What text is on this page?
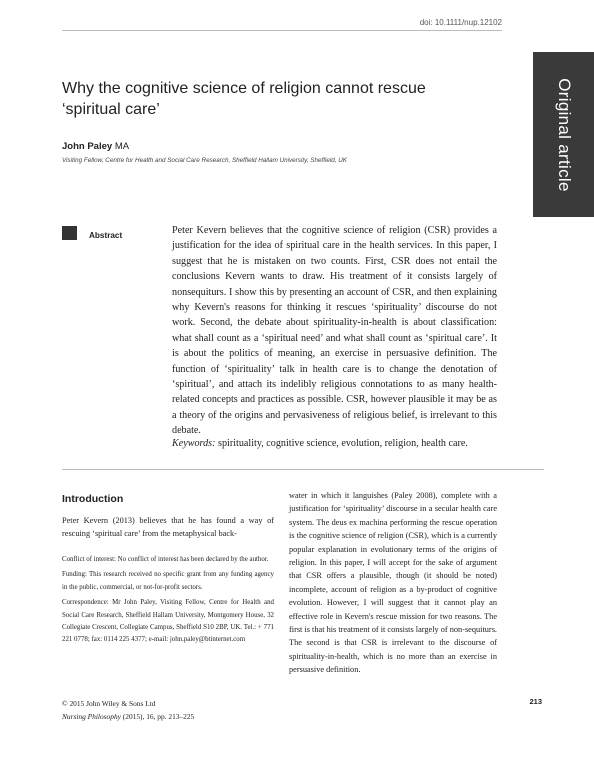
doi: 10.1111/nup.12102
Original article
Why the cognitive science of religion cannot rescue ‘spiritual care’
John Paley MA
Visiting Fellow, Centre for Health and Social Care Research, Sheffield Hallam University, Sheffield, UK
Abstract	Peter Kevern believes that the cognitive science of religion (CSR) provides a justification for the idea of spiritual care in the health services. In this paper, I suggest that he is mistaken on two counts. First, CSR does not entail the conclusions Kevern wants to draw. His treatment of it consists largely of nonsequiturs. I show this by presenting an account of CSR, and then explaining why Kevern's reasons for thinking it rescues ‘spirituality’ discourse do not work. Second, the debate about spirituality-in-health is about classification: what shall count as a ‘spiritual need’ and what shall count as ‘spiritual care’. It is about the politics of meaning, an exercise in persuasive definition. The function of ‘spirituality’ talk in health care is to change the denotation of ‘spiritual’, and attach its indelibly religious connotations to as many health-related concepts and practices as possible. CSR, however plausible it may be as a theory of the origins and pervasiveness of religious belief, is irrelevant to this debate.

Keywords: spirituality, cognitive science, evolution, religion, health care.
Introduction

Peter Kevern (2013) believes that he has found a way of rescuing ‘spiritual care’ from the metaphysical back-

Conflict of interest: No conflict of interest has been declared by the author.

Funding: This research received no specific grant from any funding agency in the public, commercial, or not-for-profit sectors.

Correspondence: Mr John Paley, Visiting Fellow, Centre for Health and Social Care Research, Sheffield Hallam University, Montgomery House, 32 Collegiate Crescent, Collegiate Campus, Sheffield S10 2BP, UK. Tel.: + 771 221 0778; fax: 0114 225 4377; e-mail: john.paley@btinternet.com

water in which it languishes (Paley 2008), complete with a justification for ‘spirituality’ discourse in a secular health care system. The deus ex machina performing the rescue operation is the cognitive science of religion (CSR), which is a currently popular explanation in evolutionary terms of the origins of religion. In this paper, I will accept for the sake of argument that CSR offers a plausible, though (it should be noted) incomplete, account of religion as a by-product of cognitive evolution. However, I will suggest that it cannot play an effective role in Kevern's rescue mission for two reasons. The first is that his treatment of it consists largely of non-sequiturs. The second is that CSR is irrelevant to the discourse of spirituality-in-health, which is no more than an exercise in persuasive definition.

© 2015 John Wiley & Sons Ltd
Nursing Philosophy (2015), 16, pp. 213–225
213
